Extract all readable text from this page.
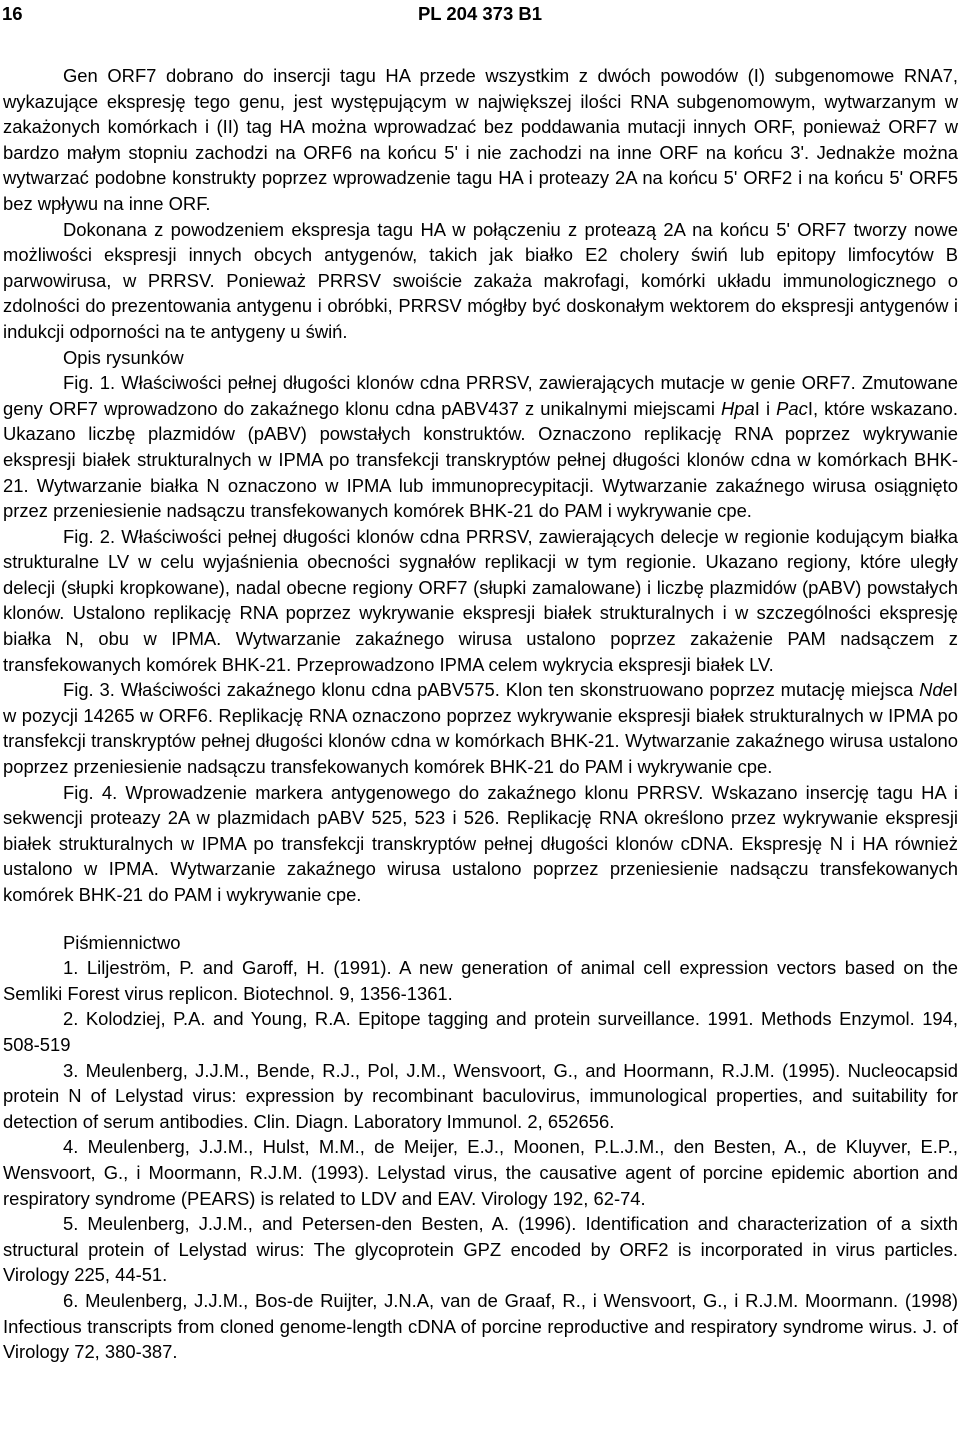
16	PL 204 373 B1

Gen ORF7 dobrano do insercji tagu HA przede wszystkim z dwóch powodów (I) subgenomowe RNA7, wykazujące ekspresję tego genu, jest występującym w największej ilości RNA subgenomowym, wytwarzanym w zakażonych komórkach i (II) tag HA można wprowadzać bez poddawania mutacji innych ORF, ponieważ ORF7 w bardzo małym stopniu zachodzi na ORF6 na końcu 5' i nie zachodzi na inne ORF na końcu 3'. Jednakże można wytwarzać podobne konstrukty poprzez wprowadzenie tagu HA i proteazy 2A na końcu 5' ORF2 i na końcu 5' ORF5 bez wpływu na inne ORF.

Dokonana z powodzeniem ekspresja tagu HA w połączeniu z proteazą 2A na końcu 5' ORF7 tworzy nowe możliwości ekspresji innych obcych antygenów, takich jak białko E2 cholery świń lub epitopy limfocytów B parwowirusa, w PRRSV. Ponieważ PRRSV swoiście zakaża makrofagi, komórki układu immunologicznego o zdolności do prezentowania antygenu i obróbki, PRRSV mógłby być doskonałym wektorem do ekspresji antygenów i indukcji odporności na te antygeny u świń.

Opis rysunków

Fig. 1. Właściwości pełnej długości klonów cdna PRRSV, zawierających mutacje w genie ORF7. Zmutowane geny ORF7 wprowadzono do zakaźnego klonu cdna pABV437 z unikalnymi miejscami HpaI i PacI, które wskazano. Ukazano liczbę plazmidów (pABV) powstałych konstruktów. Oznaczono replikację RNA poprzez wykrywanie ekspresji białek strukturalnych w IPMA po transfekcji transkryptów pełnej długości klonów cdna w komórkach BHK-21. Wytwarzanie białka N oznaczono w IPMA lub immunoprecypitacji. Wytwarzanie zakaźnego wirusa osiągnięto przez przeniesienie nadsączu transfekowanych komórek BHK-21 do PAM i wykrywanie cpe.

Fig. 2. Właściwości pełnej długości klonów cdna PRRSV, zawierających delecje w regionie kodującym białka strukturalne LV w celu wyjaśnienia obecności sygnałów replikacji w tym regionie. Ukazano regiony, które uległy delecji (słupki kropkowane), nadal obecne regiony ORF7 (słupki zamalowane) i liczbę plazmidów (pABV) powstałych klonów. Ustalono replikację RNA poprzez wykrywanie ekspresji białek strukturalnych i w szczególności ekspresję białka N, obu w IPMA. Wytwarzanie zakaźnego wirusa ustalono poprzez zakażenie PAM nadsączem z transfekowanych komórek BHK-21. Przeprowadzono IPMA celem wykrycia ekspresji białek LV.

Fig. 3. Właściwości zakaźnego klonu cdna pABV575. Klon ten skonstruowano poprzez mutację miejsca NdeI w pozycji 14265 w ORF6. Replikację RNA oznaczono poprzez wykrywanie ekspresji białek strukturalnych w IPMA po transfekcji transkryptów pełnej długości klonów cdna w komórkach BHK-21. Wytwarzanie zakaźnego wirusa ustalono poprzez przeniesienie nadsączu transfekowanych komórek BHK-21 do PAM i wykrywanie cpe.

Fig. 4. Wprowadzenie markera antygenowego do zakaźnego klonu PRRSV. Wskazano insercję tagu HA i sekwencji proteazy 2A w plazmidach pABV 525, 523 i 526. Replikację RNA określono przez wykrywanie ekspresji białek strukturalnych w IPMA po transfekcji transkryptów pełnej długości klonów cDNA. Ekspresję N i HA również ustalono w IPMA. Wytwarzanie zakaźnego wirusa ustalono poprzez przeniesienie nadsączu transfekowanych komórek BHK-21 do PAM i wykrywanie cpe.

Piśmiennictwo

1. Liljeström, P. and Garoff, H. (1991). A new generation of animal cell expression vectors based on the Semliki Forest virus replicon. Biotechnol. 9, 1356-1361.

2. Kolodziej, P.A. and Young, R.A. Epitope tagging and protein surveillance. 1991. Methods Enzymol. 194, 508-519

3. Meulenberg, J.J.M., Bende, R.J., Pol, J.M., Wensvoort, G., and Hoormann, R.J.M. (1995). Nucleocapsid protein N of Lelystad virus: expression by recombinant baculovirus, immunological properties, and suitability for detection of serum antibodies. Clin. Diagn. Laboratory Immunol. 2, 652656.

4. Meulenberg, J.J.M., Hulst, M.M., de Meijer, E.J., Moonen, P.L.J.M., den Besten, A., de Kluyver, E.P., Wensvoort, G., i Moormann, R.J.M. (1993). Lelystad virus, the causative agent of porcine epidemic abortion and respiratory syndrome (PEARS) is related to LDV and EAV. Virology 192, 62-74.

5. Meulenberg, J.J.M., and Petersen-den Besten, A. (1996). Identification and characterization of a sixth structural protein of Lelystad wirus: The glycoprotein GPZ encoded by ORF2 is incorporated in virus particles. Virology 225, 44-51.

6. Meulenberg, J.J.M., Bos-de Ruijter, J.N.A, van de Graaf, R., i Wensvoort, G., i R.J.M. Moormann. (1998) Infectious transcripts from cloned genome-length cDNA of porcine reproductive and respiratory syndrome wirus. J. of Virology 72, 380-387.
